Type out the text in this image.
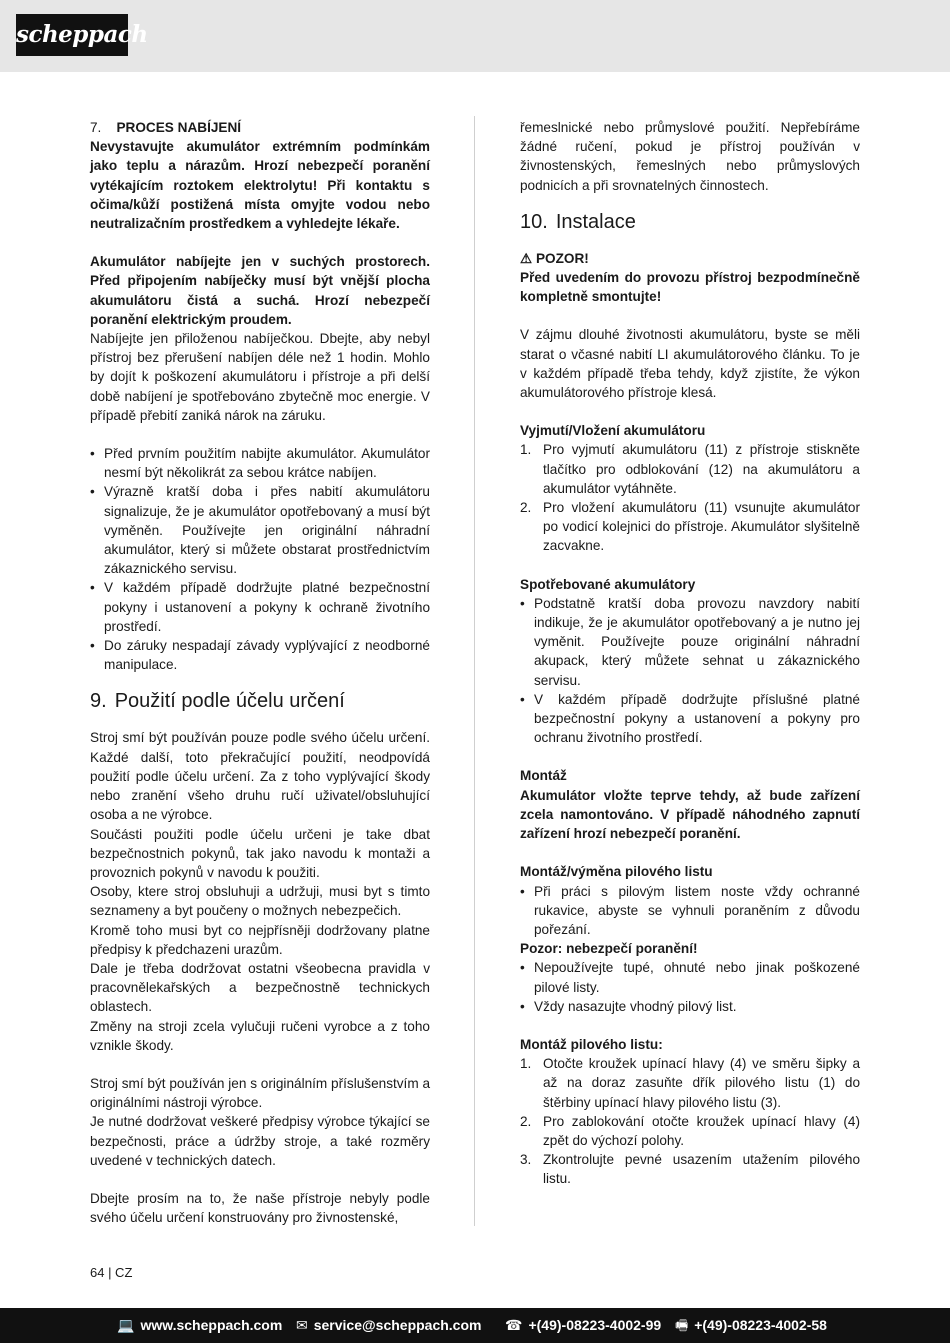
scheppach

7. PROCES NABÍJENÍ

Nevystavujte akumulátor extrémním podmínkám jako teplu a nárazům. Hrozí nebezpečí poranění vytékajícím roztokem elektrolytu! Při kontaktu s očima/kůží postižená místa omyjte vodou nebo neutralizačním prostředkem a vyhledejte lékaře.

Akumulátor nabíjejte jen v suchých prostorech. Před připojením nabíječky musí být vnější plocha akumulátoru čistá a suchá. Hrozí nebezpečí poranění elektrickým proudem.

Nabíjejte jen přiloženou nabíječkou. Dbejte, aby nebyl přístroj bez přerušení nabíjen déle než 1 hodin. Mohlo by dojít k poškození akumulátoru i přístroje a při delší době nabíjení je spotřebováno zbytečně moc energie. V případě přebití zaniká nárok na záruku.

• Před prvním použitím nabijte akumulátor. Akumulátor nesmí být několikrát za sebou krátce nabíjen.
• Výrazně kratší doba i přes nabití akumulátoru signalizuje, že je akumulátor opotřebovaný a musí být vyměněn. Používejte jen originální náhradní akumulátor, který si můžete obstarat prostřednictvím zákaznického servisu.
• V každém případě dodržujte platné bezpečnostní pokyny i ustanovení a pokyny k ochraně životního prostředí.
• Do záruky nespadají závady vyplývající z neodborné manipulace.
9. Použití podle účelu určení

Stroj smí být používán pouze podle svého účelu určení. Každé další, toto překračující použití, neodpovídá použití podle účelu určení. Za z toho vyplývající škody nebo zranění všeho druhu ručí uživatel/obsluhující osoba a ne výrobce.

Součásti použiti podle účelu určeni je take dbat bezpečnostnich pokynů, tak jako navodu k montaži a provoznich pokynů v navodu k použiti.

Osoby, ktere stroj obsluhuji a udržuji, musi byt s timto seznameny a byt poučeny o možnych nebezpečich.

Kromě toho musi byt co nejpřísněji dodržovany platne předpisy k předchazeni urazům.

Dale je třeba dodržovat ostatni všeobecna pravidla v pracovnělekařských a bezpečnostně technickych oblastech.

Změny na stroji zcela vylučuji ručeni vyrobce a z toho vznikle škody.

Stroj smí být používán jen s originálním příslušenstvím a originálními nástroji výrobce.

Je nutné dodržovat veškeré předpisy výrobce týkající se bezpečnosti, práce a údržby stroje, a také rozměry uvedené v technických datech.

Dbejte prosím na to, že naše přístroje nebyly podle svého účelu určení konstruovány pro živnostenské,

řemeslnické nebo průmyslové použití. Nepřebíráme žádné ručení, pokud je přístroj používán v živnostenských, řemeslných nebo průmyslových podnicích a při srovnatelných činnostech.

10. Instalace

⚠ POZOR!

Před uvedením do provozu přístroj bezpodmínečně kompletně smontujte!

V zájmu dlouhé životnosti akumulátoru, byste se měli starat o včasné nabití LI akumulátorového článku. To je v každém případě třeba tehdy, když zjistíte, že výkon akumulátorového přístroje klesá.

Vyjmutí/Vložení akumulátoru

1. Pro vyjmutí akumulátoru (11) z přístroje stiskněte tlačítko pro odblokování (12) na akumulátoru a akumulátor vytáhněte.
2. Pro vložení akumulátoru (11) vsunujte akumulátor po vodicí kolejnici do přístroje. Akumulátor slyšitelně zacvakne.

Spotřebované akumulátory

• Podstatně kratší doba provozu navzdory nabití indikuje, že je akumulátor opotřebovaný a je nutno jej vyměnit. Používejte pouze originální náhradní akupack, který můžete sehnat u zákaznického servisu.
• V každém případě dodržujte příslušné platné bezpečnostní pokyny a ustanovení a pokyny pro ochranu životního prostředí.

Montáž

Akumulátor vložte teprve tehdy, až bude zařízení zcela namontováno. V případě náhodného zapnutí zařízení hrozí nebezpečí poranění.

Montáž/výměna pilového listu

• Při práci s pilovým listem noste vždy ochranné rukavice, abyste se vyhnuli poraněním z důvodu pořezání.

Pozor: nebezpečí poranění!

• Nepoužívejte tupé, ohnuté nebo jinak poškozené pilové listy.
• Vždy nasazujte vhodný pilový list.

Montáž pilového listu:

1. Otočte kroužek upínací hlavy (4) ve směru šipky a až na doraz zasuňte dřík pilového listu (1) do štěrbiny upínací hlavy pilového listu (3).
2. Pro zablokování otočte kroužek upínací hlavy (4) zpět do výchozí polohy.
3. Zkontrolujte pevné usazením utažením pilového listu.
64 | CZ
💻 www.scheppach.com ✉ service@scheppach.com ☎ +(49)-08223-4002-99 🖷 +(49)-08223-4002-58
